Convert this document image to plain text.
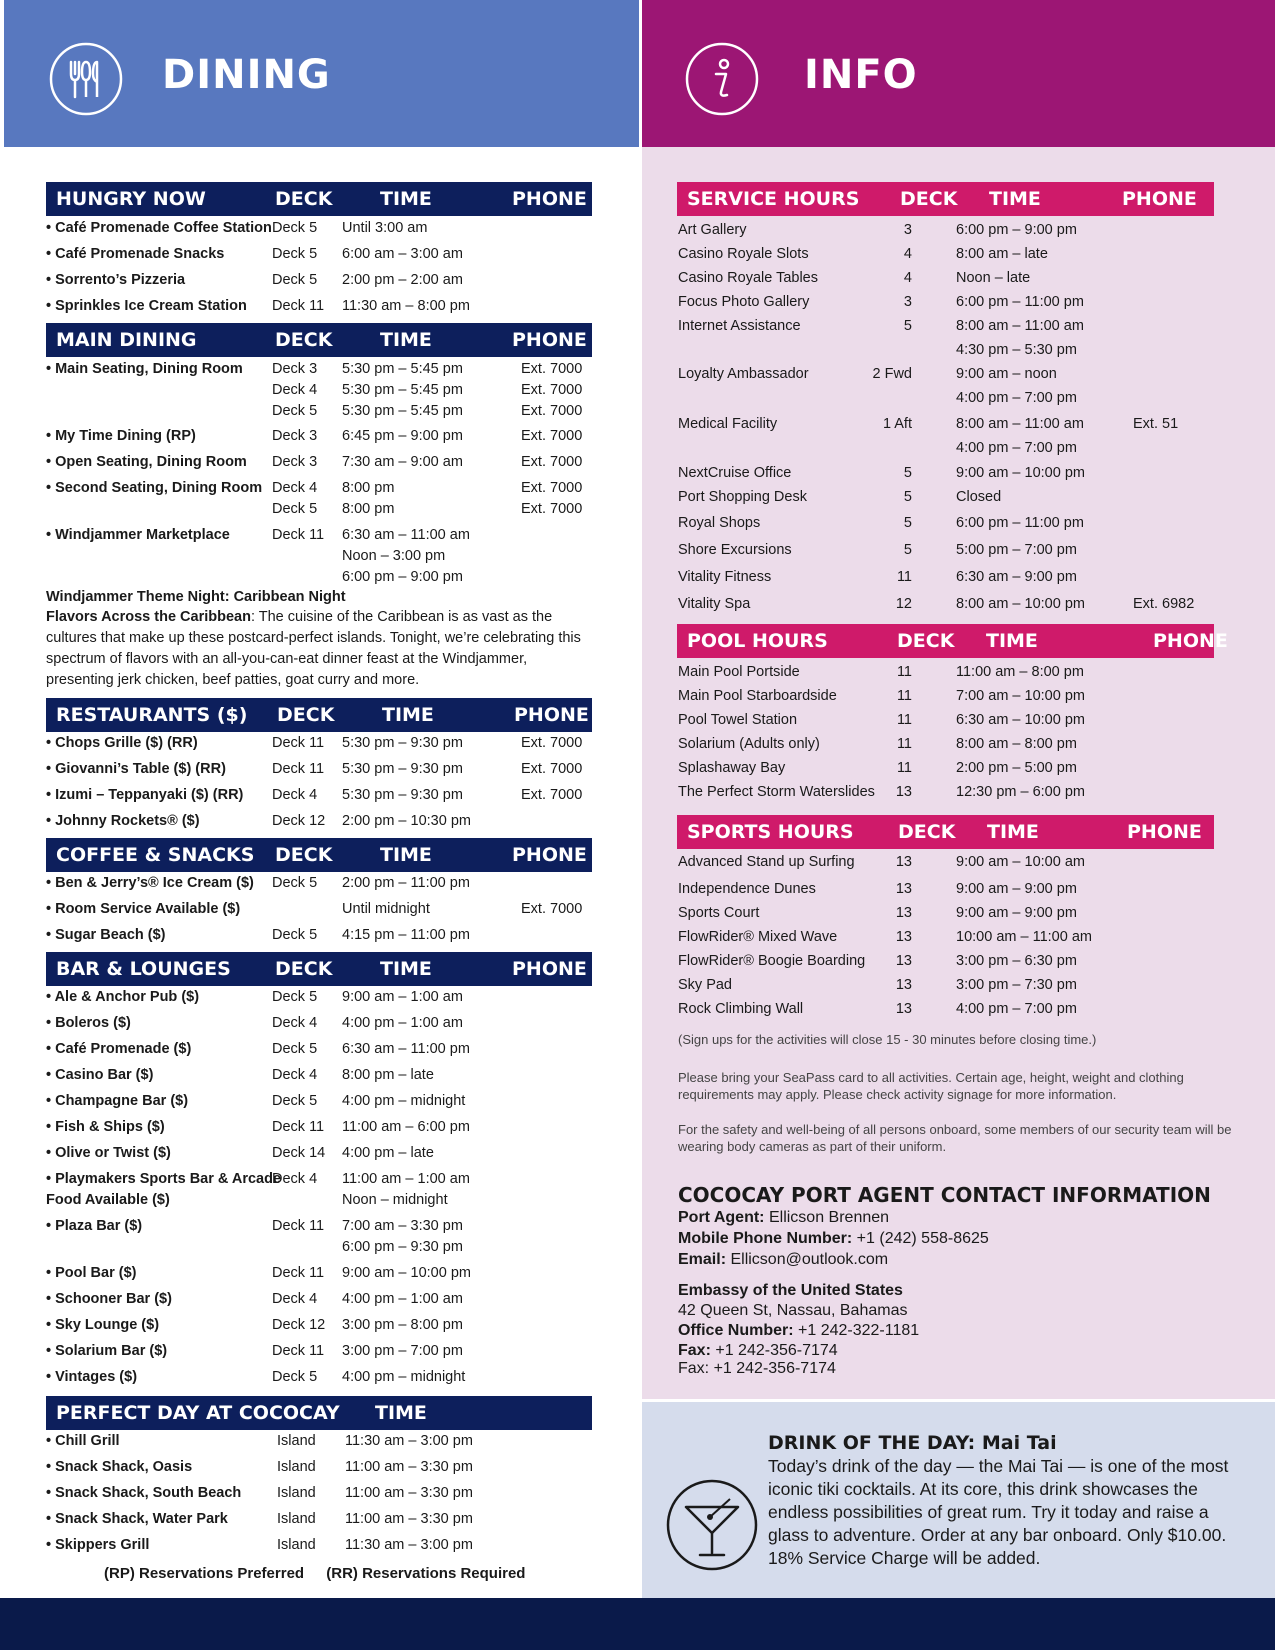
DINING	INFO
HUNGRY NOW	DECK	TIME	PHONE
• Café Promenade Coffee Station Deck 5 Until 3:00 am
• Café Promenade Snacks	Deck 5 6:00 am – 3:00 am
• Sorrento’s Pizzeria	Deck 5 2:00 pm – 2:00 am
• Sprinkles Ice Cream Station Deck 11 11:30 am – 8:00 pm
MAIN DINING	DECK	TIME	PHONE
• Main Seating, Dining Room Deck 3 5:30 pm – 5:45 pm	Ext. 7000
Deck 4 5:30 pm – 5:45 pm	Ext. 7000
Deck 5 5:30 pm – 5:45 pm	Ext. 7000
• My Time Dining (RP)	Deck 3 6:45 pm – 9:00 pm	Ext. 7000
• Open Seating, Dining Room Deck 3 7:30 am – 9:00 am	Ext. 7000
• Second Seating, Dining Room Deck 4 8:00 pm	Ext. 7000
Deck 5 8:00 pm	Ext. 7000
• Windjammer Marketplace	Deck 11 6:30 am – 11:00 am
Noon – 3:00 pm
6:00 pm – 9:00 pm
Windjammer Theme Night: Caribbean Night
Flavors Across the Caribbean: The cuisine of the Caribbean is as vast as the cultures that make up these postcard-perfect islands. Tonight, we’re celebrating this spectrum of flavors with an all-you-can-eat dinner feast at the Windjammer, presenting jerk chicken, beef patties, goat curry and more.
RESTAURANTS ($) DECK	TIME	PHONE
• Chops Grille ($) (RR)	Deck 11 5:30 pm – 9:30 pm	Ext. 7000
• Giovanni’s Table ($) (RR)	Deck 11 5:30 pm – 9:30 pm	Ext. 7000
• Izumi – Teppanyaki ($) (RR) Deck 4 5:30 pm – 9:30 pm	Ext. 7000
• Johnny Rockets® ($)	Deck 12 2:00 pm – 10:30 pm
COFFEE & SNACKS DECK	TIME	PHONE
• Ben & Jerry’s® Ice Cream ($) Deck 5 2:00 pm – 11:00 pm
• Room Service Available ($)	Until midnight	Ext. 7000
• Sugar Beach ($)	Deck 5 4:15 pm – 11:00 pm
BAR & LOUNGES DECK	TIME	PHONE
• Ale & Anchor Pub ($)	Deck 5 9:00 am – 1:00 am
• Boleros ($)	Deck 4 4:00 pm – 1:00 am
• Café Promenade ($)	Deck 5 6:30 am – 11:00 pm
• Casino Bar ($)	Deck 4 8:00 pm – late
• Champagne Bar ($)	Deck 5 4:00 pm – midnight
• Fish & Ships ($)	Deck 11 11:00 am – 6:00 pm
• Olive or Twist ($)	Deck 14 4:00 pm – late
• Playmakers Sports Bar & Arcade
Deck 4 11:00 am – 1:00 am
Food Available ($)	Noon – midnight
• Plaza Bar ($)	Deck 11 7:00 am – 3:30 pm
6:00 pm – 9:30 pm
• Pool Bar ($)	Deck 11 9:00 am – 10:00 pm
• Schooner Bar ($)	Deck 4 4:00 pm – 1:00 am
• Sky Lounge ($)	Deck 12 3:00 pm – 8:00 pm
• Solarium Bar ($)	Deck 11 3:00 pm – 7:00 pm
• Vintages ($)	Deck 5 4:00 pm – midnight
PERFECT DAY AT COCOCAY TIME
• Chill Grill	Island 11:30 am – 3:00 pm
• Snack Shack, Oasis	Island 11:00 am – 3:30 pm
• Snack Shack, South Beach Island 11:00 am – 3:30 pm
• Snack Shack, Water Park	Island 11:00 am – 3:30 pm
• Skippers Grill	Island 11:30 am – 3:00 pm
(RP) Reservations Preferred (RR) Reservations Required
SERVICE HOURS DECK TIME	PHONE
Art Gallery	3	6:00 pm – 9:00 pm
Casino Royale Slots	4	8:00 am – late
Casino Royale Tables	4	Noon – late
Focus Photo Gallery	3	6:00 pm – 11:00 pm
Internet Assistance	5	8:00 am – 11:00 am
4:30 pm – 5:30 pm
Loyalty Ambassador	2 Fwd	9:00 am – noon
4:00 pm – 7:00 pm
Medical Facility	1 Aft	8:00 am – 11:00 am	Ext. 51
4:00 pm – 7:00 pm
NextCruise Office	5	9:00 am – 10:00 pm
Port Shopping Desk	5	Closed
Royal Shops	5	6:00 pm – 11:00 pm
Shore Excursions	5	5:00 pm – 7:00 pm
Vitality Fitness	11	6:30 am – 9:00 pm
Vitality Spa	12	8:00 am – 10:00 pm	Ext. 6982
POOL HOURS	DECK TIME	PHONE
Main Pool Portside	11	11:00 am – 8:00 pm
Main Pool Starboardside	11	7:00 am – 10:00 pm
Pool Towel Station	11	6:30 am – 10:00 pm
Solarium (Adults only)	11	8:00 am – 8:00 pm
Splashaway Bay	11	2:00 pm – 5:00 pm
The Perfect Storm Waterslides	13	12:30 pm – 6:00 pm
SPORTS HOURS DECK TIME	PHONE
Advanced Stand up Surfing	13	9:00 am – 10:00 am
Independence Dunes	13	9:00 am – 9:00 pm
Sports Court	13	9:00 am – 9:00 pm
FlowRider® Mixed Wave	13	10:00 am – 11:00 am
FlowRider® Boogie Boarding	13	3:00 pm – 6:30 pm
Sky Pad	13	3:00 pm – 7:30 pm
Rock Climbing Wall	13	4:00 pm – 7:00 pm
(Sign ups for the activities will close 15 - 30 minutes before closing time.)
Please bring your SeaPass card to all activities. Certain age, height, weight and clothing requirements may apply. Please check activity signage for more information.
For the safety and well-being of all persons onboard, some members of our security team will be wearing body cameras as part of their uniform.
COCOCAY PORT AGENT CONTACT INFORMATION
Port Agent: Ellicson Brennen
Mobile Phone Number: +1 (242) 558-8625
Email: Ellicson@outlook.com
Embassy of the United States
42 Queen St, Nassau, Bahamas
Office Number: +1 242-322-1181
Fax: +1 242-356-7174
Fax: +1 242-356-7174
DRINK OF THE DAY: Mai Tai
Today’s drink of the day — the Mai Tai — is one of the most iconic tiki cocktails. At its core, this drink showcases the endless possibilities of great rum. Try it today and raise a glass to adventure. Order at any bar onboard. Only $10.00. 18% Service Charge will be added.
